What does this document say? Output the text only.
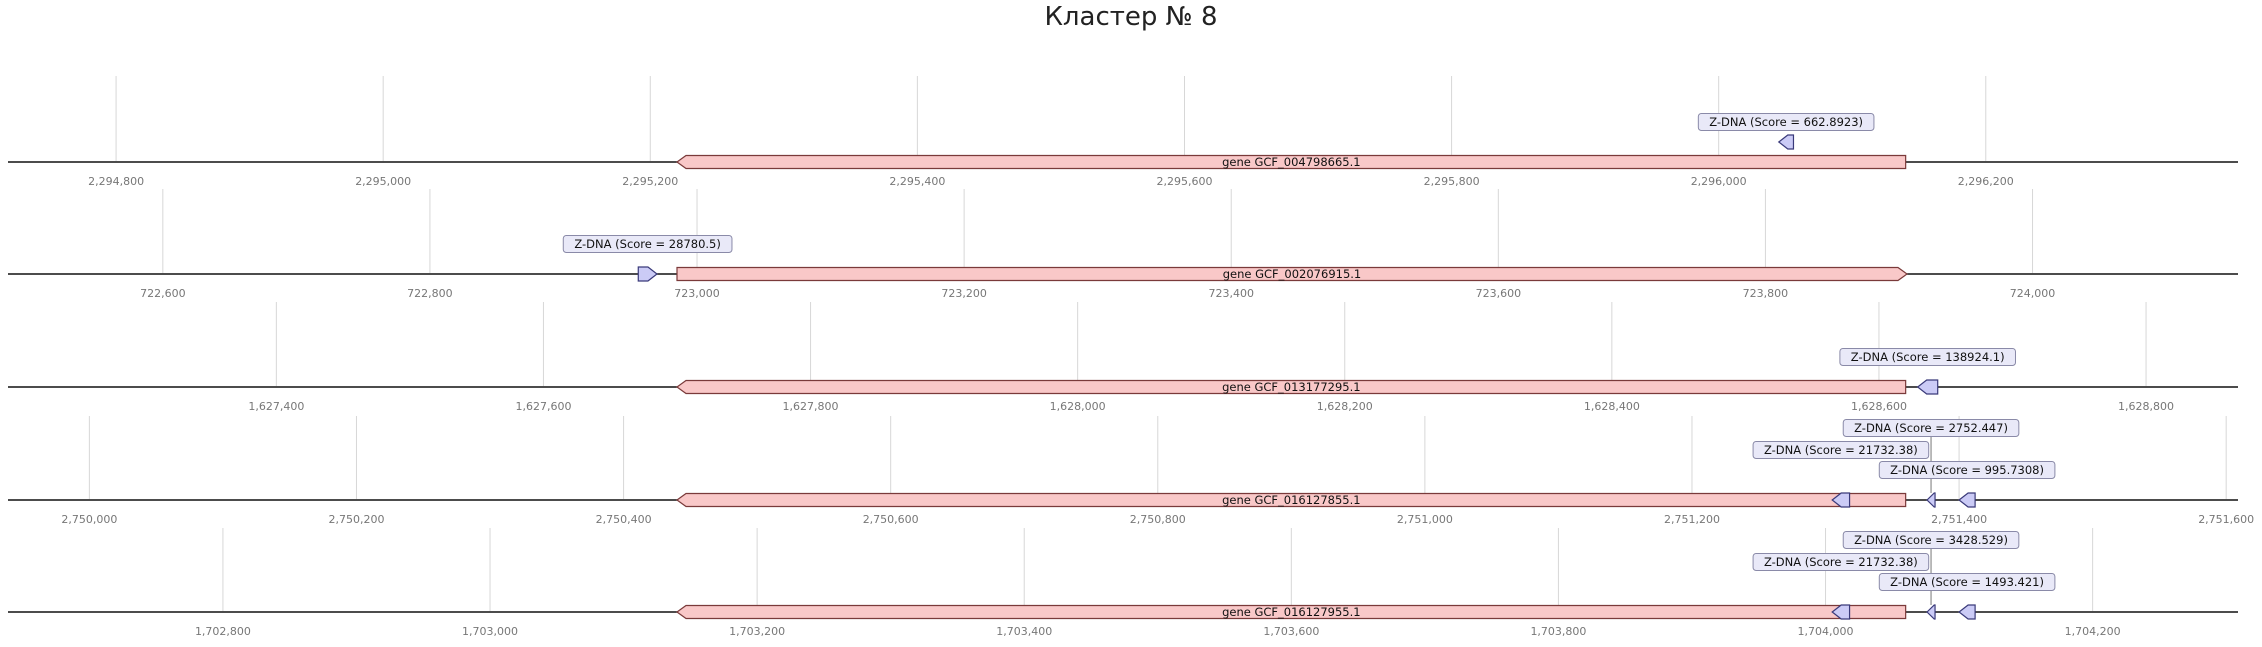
Кластер № 8
2,294,800	2,295,000	2,295,200	2,295,400	2,295,600	2,295,800	2,296,000	2,296,200
gene GCF_004798665.1
Z-DNA (Score = 662.8923)
722,600	722,800	723,000	723,200	723,400	723,600	723,800	724,000
gene GCF_002076915.1
Z-DNA (Score = 28780.5)
1,627,400	1,627,600	1,627,800	1,628,000	1,628,200	1,628,400	1,628,600	1,628,800
gene GCF_013177295.1
Z-DNA (Score = 138924.1)
2,750,000	2,750,200	2,750,400	2,750,600	2,750,800	2,751,000	2,751,200	2,751,400	2,751,600
gene GCF_016127855.1
Z-DNA (Score = 21732.38)
Z-DNA (Score = 2752.447)
Z-DNA (Score = 995.7308)
1,702,800	1,703,000	1,703,200	1,703,400	1,703,600	1,703,800	1,704,000	1,704,200
gene GCF_016127955.1
Z-DNA (Score = 21732.38)
Z-DNA (Score = 3428.529)
Z-DNA (Score = 1493.421)
